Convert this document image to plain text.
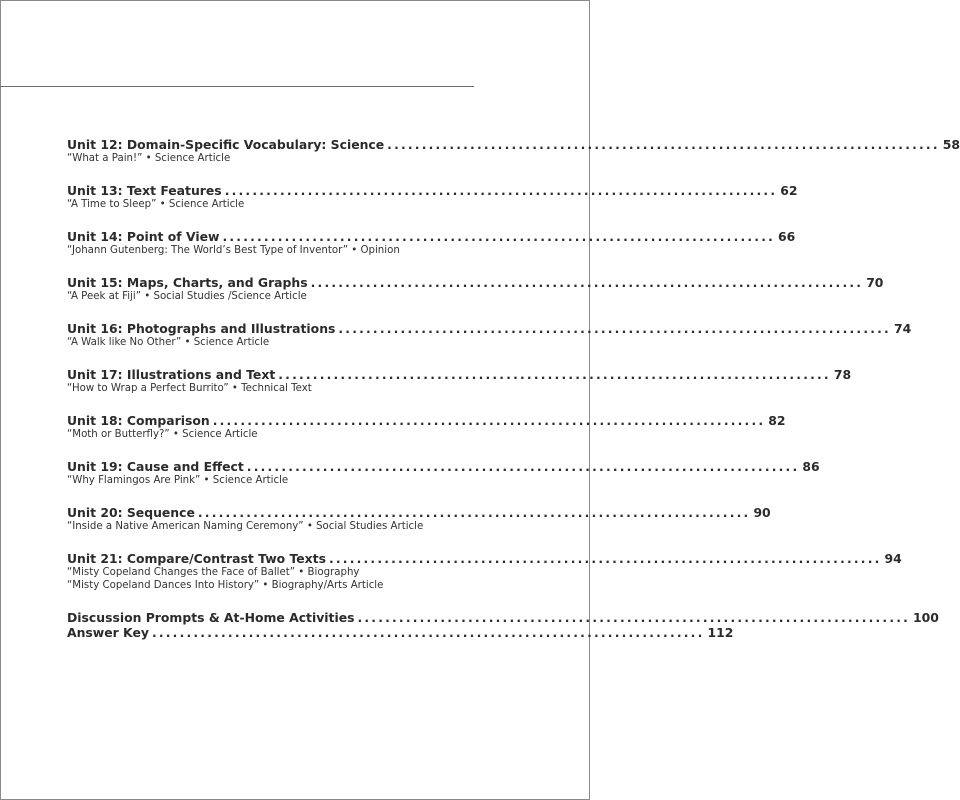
Unit 12: Domain-Specific Vocabulary: Science ................................................................................ 58
“What a Pain!” • Science Article
Unit 13: Text Features ................................................................................ 62
“A Time to Sleep” • Science Article
Unit 14: Point of View ................................................................................ 66
“Johann Gutenberg: The World’s Best Type of Inventor” • Opinion
Unit 15: Maps, Charts, and Graphs ................................................................................ 70
“A Peek at Fiji” • Social Studies /Science Article
Unit 16: Photographs and Illustrations ................................................................................ 74
“A Walk like No Other” • Science Article
Unit 17: Illustrations and Text ................................................................................ 78
“How to Wrap a Perfect Burrito” • Technical Text
Unit 18: Comparison ................................................................................ 82
“Moth or Butterfly?” • Science Article
Unit 19: Cause and Effect ................................................................................ 86
“Why Flamingos Are Pink” • Science Article
Unit 20: Sequence ................................................................................ 90
“Inside a Native American Naming Ceremony” • Social Studies Article
Unit 21: Compare/Contrast Two Texts ................................................................................ 94
“Misty Copeland Changes the Face of Ballet” • Biography
“Misty Copeland Dances Into History” • Biography/Arts Article
Discussion Prompts & At-Home Activities ................................................................................ 100
Answer Key ................................................................................ 112
